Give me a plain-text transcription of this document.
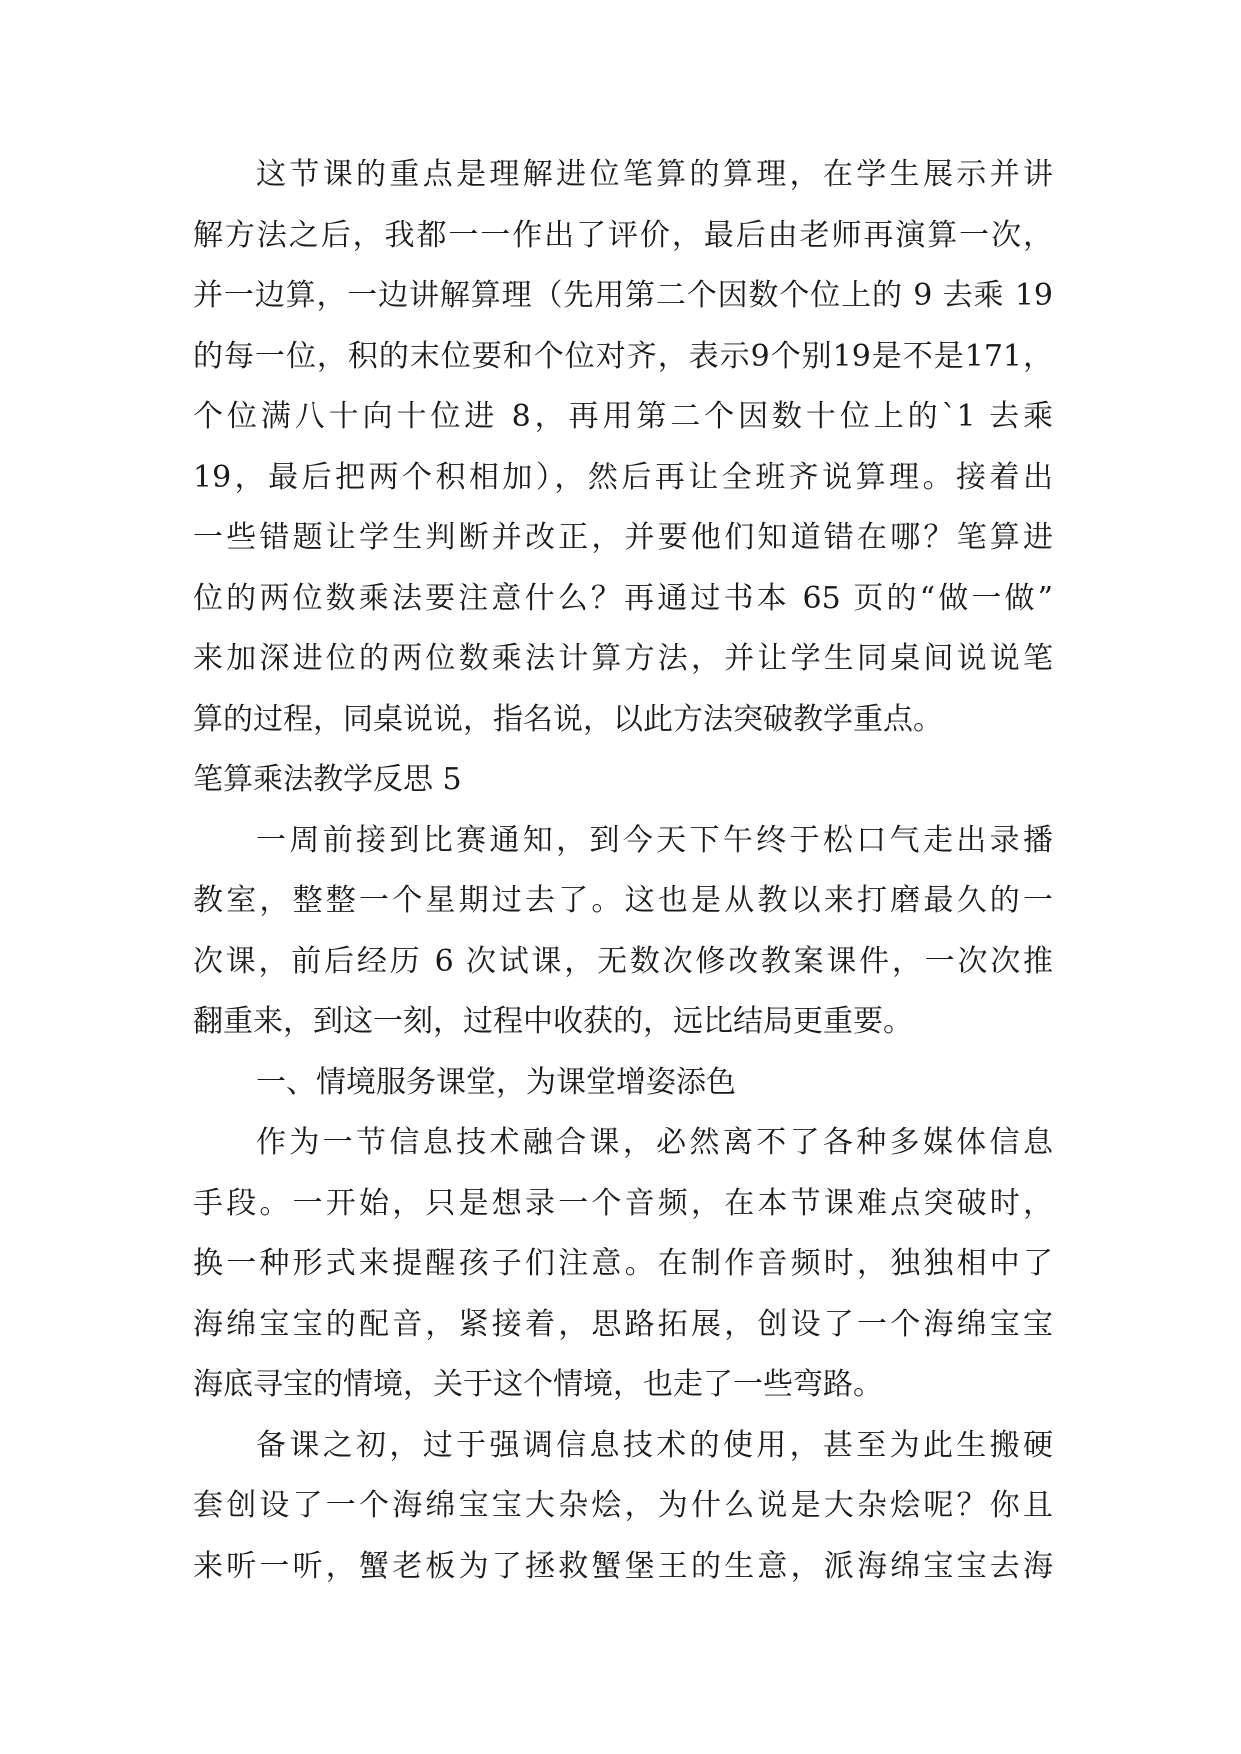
这节课的重点是理解进位笔算的算理，在学生展示并讲
解方法之后，我都一一作出了评价，最后由老师再演算一次，
并一边算，一边讲解算理（先用第二个因数个位上的 9 去乘 19
的每一位，积的末位要和个位对齐，表示9个别19是不是171，
个位满八十向十位进 8，再用第二个因数十位上的`1 去乘
19，最后把两个积相加），然后再让全班齐说算理。接着出
一些错题让学生判断并改正，并要他们知道错在哪？笔算进
位的两位数乘法要注意什么？再通过书本 65 页的“做一做”
来加深进位的两位数乘法计算方法，并让学生同桌间说说笔
算的过程，同桌说说，指名说，以此方法突破教学重点。
笔算乘法教学反思 5
一周前接到比赛通知，到今天下午终于松口气走出录播
教室，整整一个星期过去了。这也是从教以来打磨最久的一
次课，前后经历 6 次试课，无数次修改教案课件，一次次推
翻重来，到这一刻，过程中收获的，远比结局更重要。
一、情境服务课堂，为课堂增姿添色
作为一节信息技术融合课，必然离不了各种多媒体信息
手段。一开始，只是想录一个音频，在本节课难点突破时，
换一种形式来提醒孩子们注意。在制作音频时，独独相中了
海绵宝宝的配音，紧接着，思路拓展，创设了一个海绵宝宝
海底寻宝的情境，关于这个情境，也走了一些弯路。
备课之初，过于强调信息技术的使用，甚至为此生搬硬
套创设了一个海绵宝宝大杂烩，为什么说是大杂烩呢？你且
来听一听，蟹老板为了拯救蟹堡王的生意，派海绵宝宝去海
